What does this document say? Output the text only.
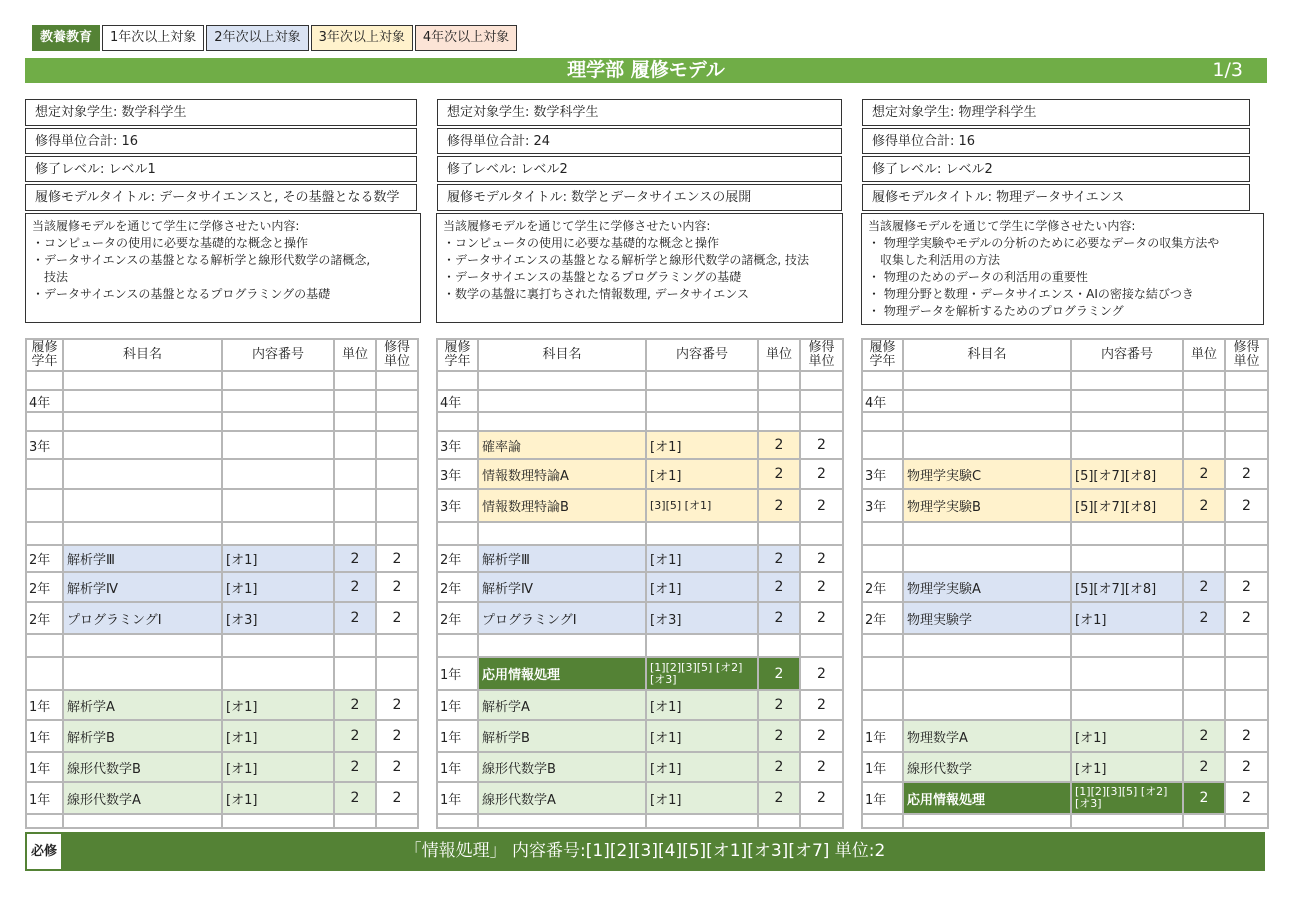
教養教育	1年次以上対象	2年次以上対象	3年次以上対象	4年次以上対象
理学部 履修モデル	1/3
想定対象学生: 数学科学生
修得単位合計: 16
修了レベル: レベル1
履修モデルタイトル: データサイエンスと, その基盤となる数学
当該履修モデルを通じて学生に学修させたい内容:
・コンピュータの使用に必要な基礎的な概念と操作
・データサイエンスの基盤となる解析学と線形代数学の諸概念,
技法
・データサイエンスの基盤となるプログラミングの基礎
想定対象学生: 数学科学生
修得単位合計: 24
修了レベル: レベル2
履修モデルタイトル: 数学とデータサイエンスの展開
当該履修モデルを通じて学生に学修させたい内容:
・コンピュータの使用に必要な基礎的な概念と操作
・データサイエンスの基盤となる解析学と線形代数学の諸概念, 技法
・データサイエンスの基盤となるプログラミングの基礎
・数学の基盤に裏打ちされた情報数理, データサイエンス
想定対象学生: 物理学科学生
修得単位合計: 16
修了レベル: レベル2
履修モデルタイトル: 物理データサイエンス
当該履修モデルを通じて学生に学修させたい内容:
・ 物理学実験やモデルの分析のために必要なデータの収集方法や
収集した利活用の方法
・ 物理のためのデータの利活用の重要性
・ 物理分野と数理・データサイエンス・AIの密接な結びつき
・ 物理データを解析するためのプログラミング
履修学年	科目名	内容番号	単位	修得単位

4年				

3年				

2年	解析学Ⅲ	[オ1]	2	2
2年	解析学Ⅳ	[オ1]	2	2
2年	プログラミングⅠ	[オ3]	2	2

1年	解析学A	[オ1]	2	2
1年	解析学B	[オ1]	2	2
1年	線形代数学B	[オ1]	2	2
1年	線形代数学A	[オ1]	2	2

履修学年	科目名	内容番号	単位	修得単位

4年				

3年	確率論	[オ1]	2	2
3年	情報数理特論A	[オ1]	2	2
3年	情報数理特論B	[3][5] [オ1]	2	2

2年	解析学Ⅲ	[オ1]	2	2
2年	解析学Ⅳ	[オ1]	2	2
2年	プログラミングⅠ	[オ3]	2	2

1年	応用情報処理	[1][2][3][5] [オ2][オ3]	2	2
1年	解析学A	[オ1]	2	2
1年	解析学B	[オ1]	2	2
1年	線形代数学B	[オ1]	2	2
1年	線形代数学A	[オ1]	2	2

履修学年	科目名	内容番号	単位	修得単位

4年				

3年	物理学実験C	[5][オ7][オ8]	2	2
3年	物理学実験B	[5][オ7][オ8]	2	2

2年	物理学実験A	[5][オ7][オ8]	2	2
2年	物理実験学	[オ1]	2	2

1年	物理数学A	[オ1]	2	2
1年	線形代数学	[オ1]	2	2
1年	応用情報処理	[1][2][3][5] [オ2][オ3]	2	2

「情報処理」 内容番号:[1][2][3][4][5][オ1][オ3][オ7] 単位:2
必修
